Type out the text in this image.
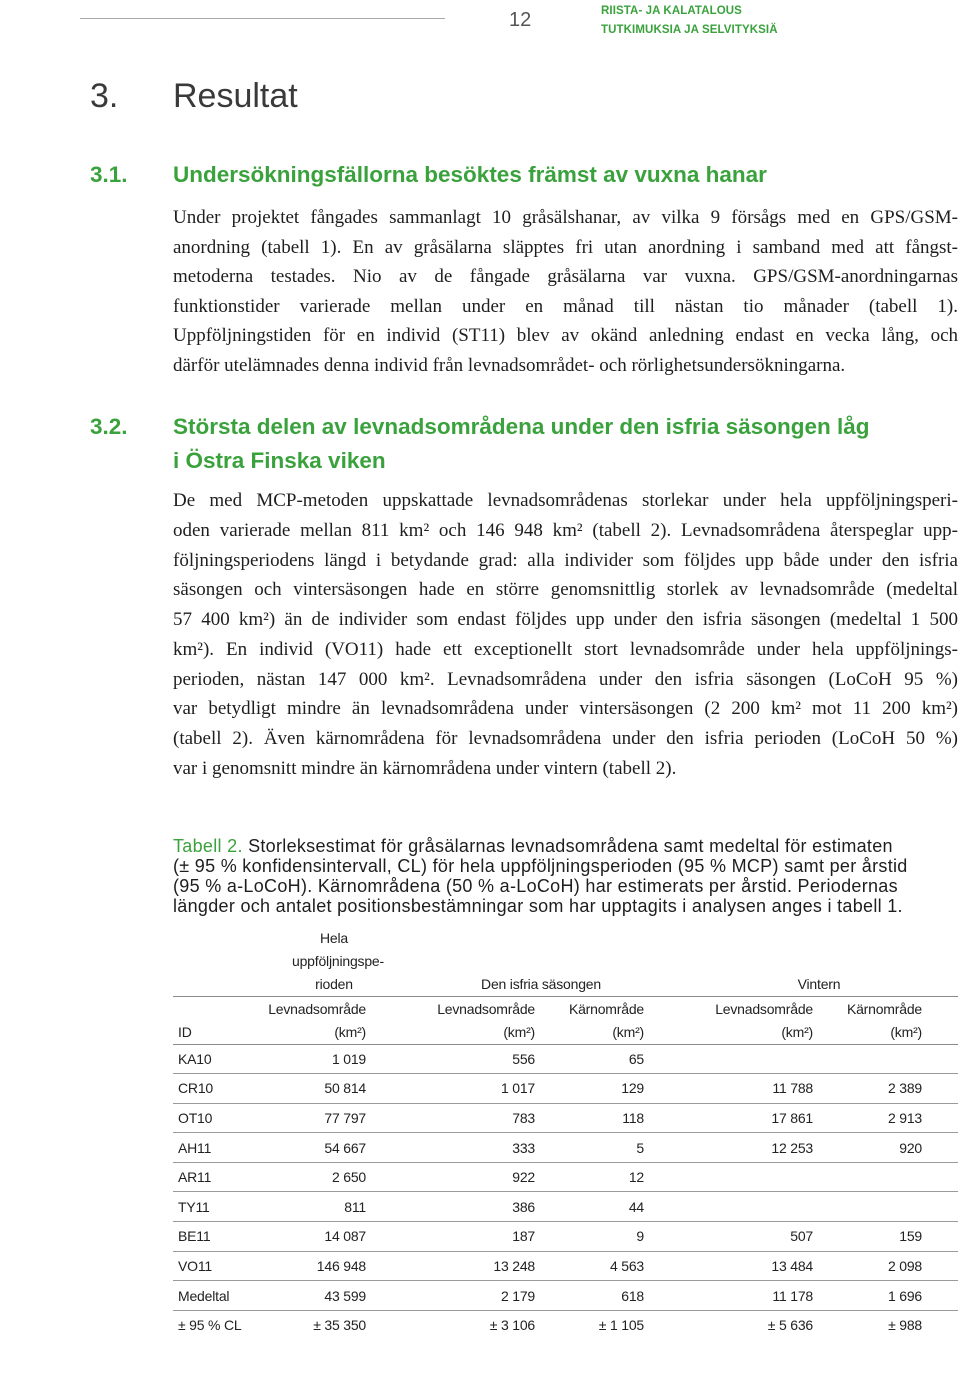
12	RIISTA- JA KALATALOUS
TUTKIMUKSIA JA SELVITYKSIÄ
3. Resultat
3.1. Undersökningsfällorna besöktes främst av vuxna hanar
Under projektet fångades sammanlagt 10 gråsälshanar, av vilka 9 försågs med en GPS/GSM-
anordning (tabell 1). En av gråsälarna släpptes fri utan anordning i samband med att fångst-
metoderna testades. Nio av de fångade gråsälarna var vuxna. GPS/GSM-anordningarnas
funktionstider varierade mellan under en månad till nästan tio månader (tabell 1).
Uppföljningstiden för en individ (ST11) blev av okänd anledning endast en vecka lång, och
därför utelämnades denna individ från levnadsområdet- och rörlighetsundersökningarna.
3.2. Största delen av levnadsområdena under den isfria säsongen låg
i Östra Finska viken
De med MCP-metoden uppskattade levnadsområdenas storlekar under hela uppföljningsperi-
oden varierade mellan 811 km² och 146 948 km² (tabell 2). Levnadsområdena återspeglar upp-
följningsperiodens längd i betydande grad: alla individer som följdes upp både under den isfria
säsongen och vintersäsongen hade en större genomsnittlig storlek av levnadsområde (medeltal
57 400 km²) än de individer som endast följdes upp under den isfria säsongen (medeltal 1 500
km²). En individ (VO11) hade ett exceptionellt stort levnadsområde under hela uppföljnings-
perioden, nästan 147 000 km². Levnadsområdena under den isfria säsongen (LoCoH 95 %)
var betydligt mindre än levnadsområdena under vintersäsongen (2 200 km² mot 11 200 km²)
(tabell 2). Även kärnområdena för levnadsområdena under den isfria perioden (LoCoH 50 %)
var i genomsnitt mindre än kärnområdena under vintern (tabell 2).
Tabell 2. Storleksestimat för gråsälarnas levnadsområdena samt medeltal för estimaten
(± 95 % konfidensintervall, CL) för hela uppföljningsperioden (95 % MCP) samt per årstid
(95 % a-LoCoH). Kärnområdena (50 % a-LoCoH) har estimerats per årstid. Periodernas
längder och antalet positionsbestämningar som har upptagits i analysen anges i tabell 1.
	Hela				
	uppföljningspe-				
	rioden	Den isfria säsongen		Vintern	
	Levnadsområde	Levnadsområde	Kärnområde	Levnadsområde	Kärnområde
ID	(km²)	(km²)	(km²)	(km²)	(km²)
KA10	1 019	556	65		
CR10	50 814	1 017	129	11 788	2 389
OT10	77 797	783	118	17 861	2 913
AH11	54 667	333	5	12 253	920
AR11	2 650	922	12		
TY11	811	386	44		
BE11	14 087	187	9	507	159
VO11	146 948	13 248	4 563	13 484	2 098
Medeltal	43 599	2 179	618	11 178	1 696
± 95 % CL	± 35 350	± 3 106	± 1 105	± 5 636	± 988
